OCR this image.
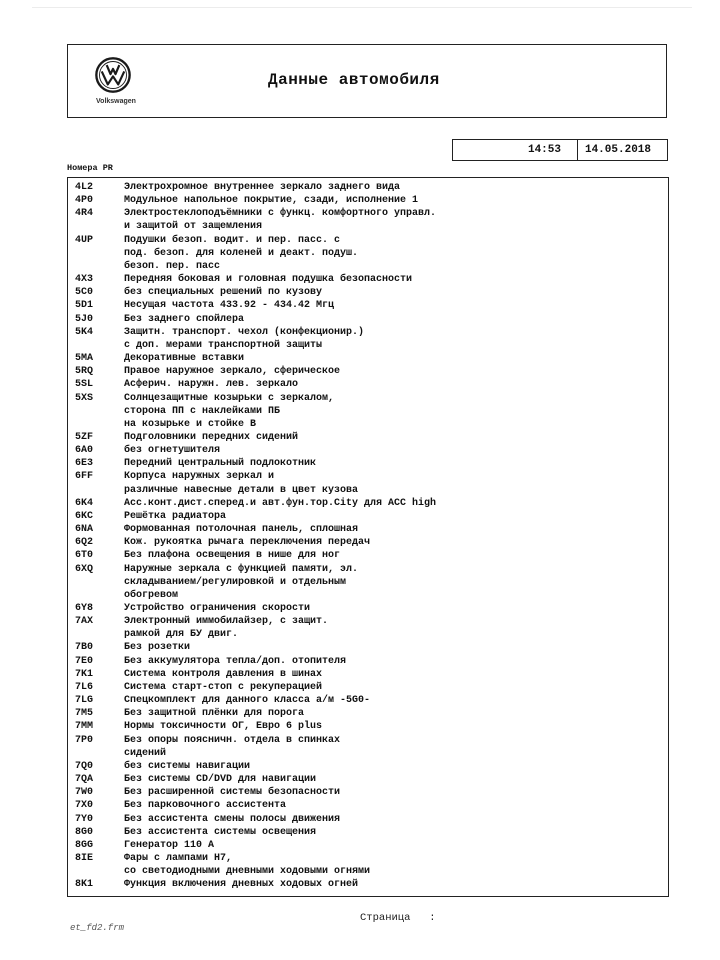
Volkswagen
Данные автомобиля
14:53	14.05.2018
Номера PR
4L2	Электрохромное внутреннее зеркало заднего вида
4P0	Модульное напольное покрытие, сзади, исполнение 1
4R4	Электростеклоподъёмники с функц. комфортного управл.
и защитой от защемления
4UP	Подушки безоп. водит. и пер. пасс. с
под. безоп. для коленей и деакт. подуш.
безоп. пер. пасс
4X3	Передняя боковая и головная подушка безопасности
5C0	без специальных решений по кузову
5D1	Несущая частота 433.92 - 434.42 Мгц
5J0	Без заднего спойлера
5K4	Защитн. транспорт. чехол (конфекционир.)
с доп. мерами транспортной защиты
5MA	Декоративные вставки
5RQ	Правое наружное зеркало, сферическое
5SL	Асферич. наружн. лев. зеркало
5XS	Солнцезащитные козырьки с зеркалом,
сторона ПП с наклейками ПБ
на козырьке и стойке B
5ZF	Подголовники передних сидений
6A0	без огнетушителя
6E3	Передний центральный подлокотник
6FF	Корпуса наружных зеркал и
различные навесные детали в цвет кузова
6K4	Асс.конт.дист.сперед.и авт.фун.тор.City для ACC high
6KC	Решётка радиатора
6NA	Формованная потолочная панель, сплошная
6Q2	Кож. рукоятка рычага переключения передач
6T0	Без плафона освещения в нише для ног
6XQ	Наружные зеркала с функцией памяти, эл.
складыванием/регулировкой и отдельным
обогревом
6Y8	Устройство ограничения скорости
7AX	Электронный иммобилайзер, с защит.
рамкой для БУ двиг.
7B0	Без розетки
7E0	Без аккумулятора тепла/доп. отопителя
7K1	Система контроля давления в шинах
7L6	Система старт-стоп с рекуперацией
7LG	Спецкомплект для данного класса а/м -5G0-
7M5	Без защитной плёнки для порога
7MM	Нормы токсичности ОГ, Евро 6 plus
7P0	Без опоры поясничн. отдела в спинках
сидений
7Q0	без системы навигации
7QA	Без системы CD/DVD для навигации
7W0	Без расширенной системы безопасности
7X0	Без парковочного ассистента
7Y0	Без ассистента смены полосы движения
8G0	Без ассистента системы освещения
8GG	Генератор 110 A
8IE	Фары с лампами H7,
со светодиодными дневными ходовыми огнями
8K1	Функция включения дневных ходовых огней
et_fd2.frm
Страница   :
